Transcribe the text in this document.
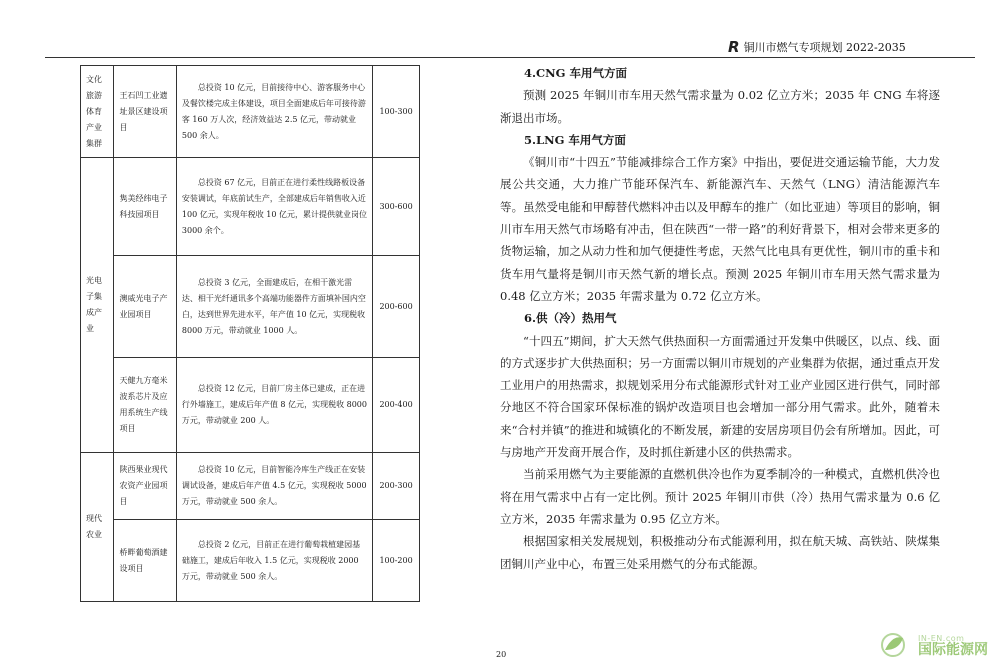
R 铜川市燃气专项规划 2022-2035
文化旅游体育产业集群	王石凹工业遗址景区建设项目	总投资 10 亿元，目前接待中心、游客服务中心及餐饮楼完成主体建设，项目全面建成后年可接待游客 160 万人次，经济效益达 2.5 亿元，带动就业 500 余人。	100-300
光电子集成产业	隽美经纬电子科技园项目	总投资 67 亿元，目前正在进行柔性线路板设备安装调试，年底前试生产，全部建成后年销售收入近 100 亿元，实现年税收 10 亿元，累计提供就业岗位 3000 余个。	300-600
	澳威光电子产业园项目	总投资 3 亿元，全面建成后，在相干激光雷达、相干光纤通讯多个高端功能器件方面填补国内空白，达到世界先进水平，年产值 10 亿元，实现税收 8000 万元，带动就业 1000 人。	200-600
	天健九方毫米波系芯片及应用系统生产线项目	总投资 12 亿元，目前厂房主体已建成，正在进行外墙施工，建成后年产值 8 亿元，实现税收 8000 万元，带动就业 200 人。	200-400
现代农业	陕西果业现代农资产业园项目	总投资 10 亿元，目前智能冷库生产线正在安装调试设备，建成后年产值 4.5 亿元，实现税收 5000 万元，带动就业 500 余人。	200-300
	桥畔葡萄酒建设项目	总投资 2 亿元，目前正在进行葡萄栽植建园基础施工，建成后年收入 1.5 亿元，实现税收 2000 万元，带动就业 500 余人。	100-200

4.CNG 车用气方面

预测 2025 年铜川市车用天然气需求量为 0.02 亿立方米；2035 年 CNG 车将逐渐退出市场。

5.LNG 车用气方面

《铜川市“十四五”节能减排综合工作方案》中指出，要促进交通运输节能，大力发展公共交通，大力推广节能环保汽车、新能源汽车、天然气（LNG）清洁能源汽车等。虽然受电能和甲醇替代燃料冲击以及甲醇车的推广（如比亚迪）等项目的影响，铜川市车用天然气市场略有冲击，但在陕西“一带一路”的利好背景下，相对会带来更多的货物运输，加之从动力性和加气便捷性考虑，天然气比电具有更优性，铜川市的重卡和货车用气量将是铜川市天然气新的增长点。预测 2025 年铜川市车用天然气需求量为 0.48 亿立方米；2035 年需求量为 0.72 亿立方米。

6.供（冷）热用气

“十四五”期间，扩大天然气供热面积一方面需通过开发集中供暖区，以点、线、面的方式逐步扩大供热面积；另一方面需以铜川市规划的产业集群为依据，通过重点开发工业用户的用热需求，拟规划采用分布式能源形式针对工业产业园区进行供气，同时部分地区不符合国家环保标准的锅炉改造项目也会增加一部分用气需求。此外，随着未来“合村并镇”的推进和城镇化的不断发展，新建的安居房项目仍会有所增加。因此，可与房地产开发商开展合作，及时抓住新建小区的供热需求。

当前采用燃气为主要能源的直燃机供冷也作为夏季制冷的一种模式，直燃机供冷也将在用气需求中占有一定比例。预计 2025 年铜川市供（冷）热用气需求量为 0.6 亿立方米，2035 年需求量为 0.95 亿立方米。

根据国家相关发展规划，积极推动分布式能源利用，拟在航天城、高铁站、陕煤集团铜川产业中心，布置三处采用燃气的分布式能源。

20
IN-EN.com
国际能源网
